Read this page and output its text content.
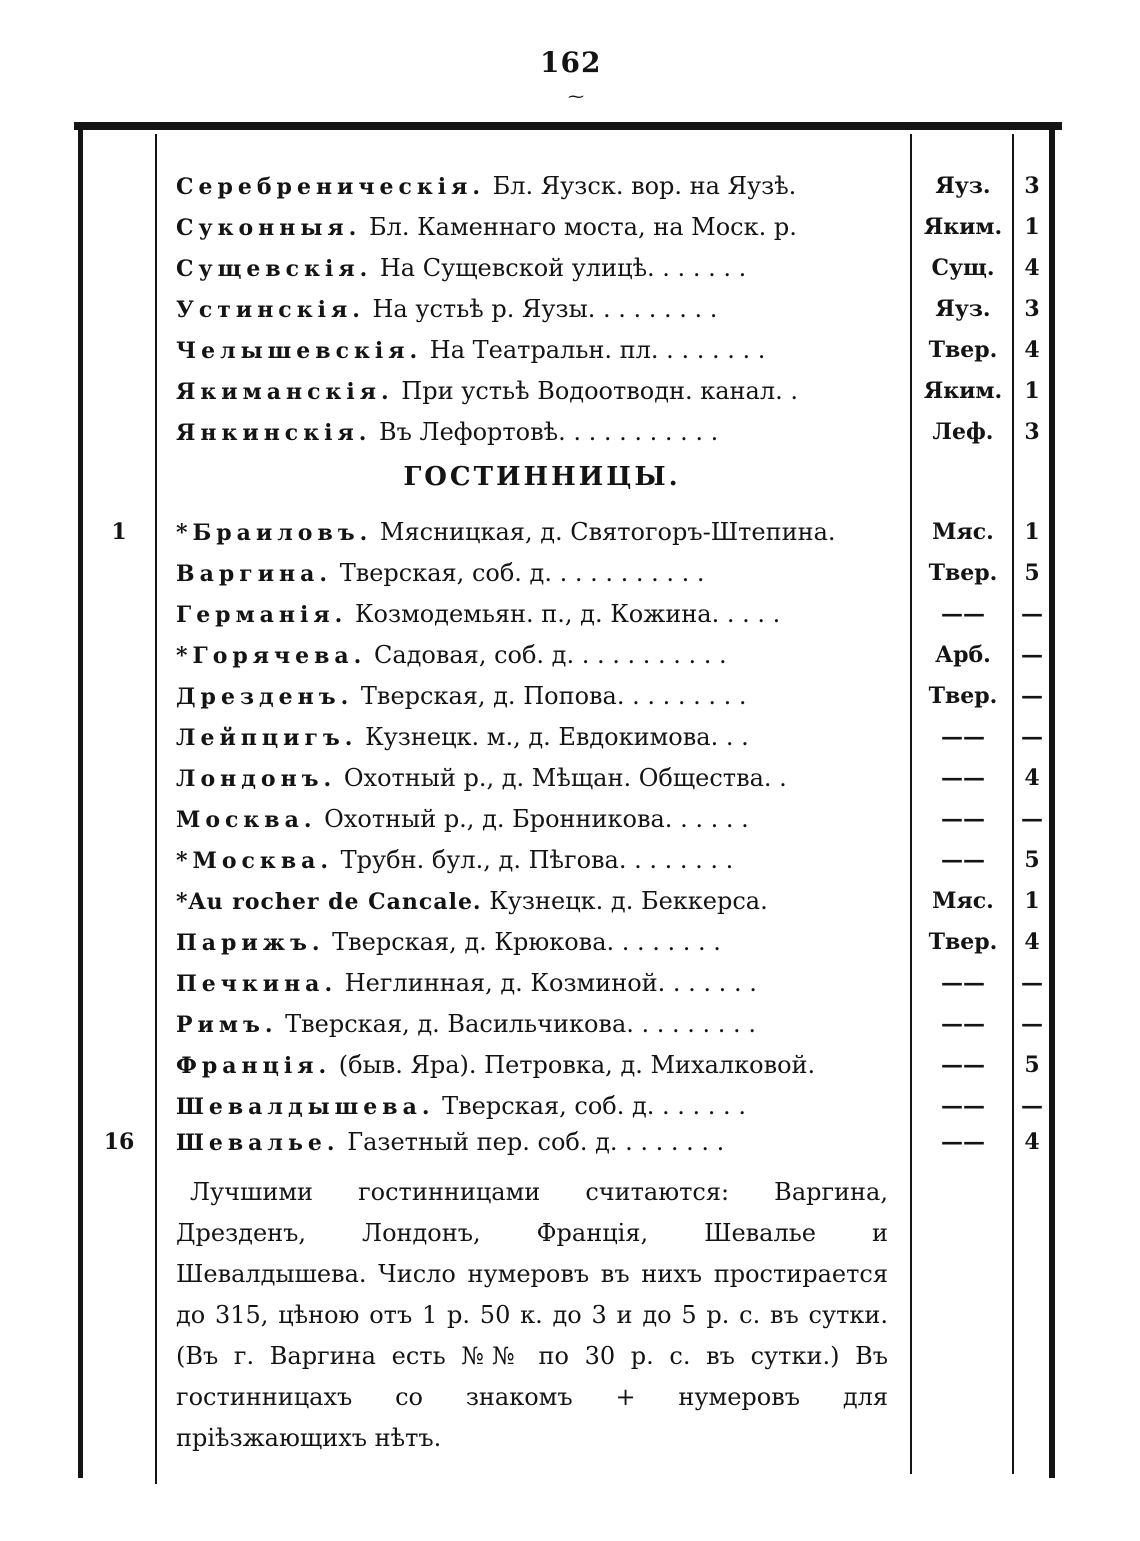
162
⁓
Серебреническія. Бл. Яузск. вор. на Яузѣ.	Яуз.	3
Суконныя. Бл. Каменнаго моста, на Моск. р.	Яким.	1
Сущевскія. На Сущевской улицѣ. . . . . . .	Сущ.	4
Устинскія. На устьѣ р. Яузы. . . . . . . . .	Яуз.	3
Челышевскія. На Театральн. пл. . . . . . . .	Твер.	4
Якиманскія. При устьѣ Водоотводн. канал. .	Яким.	1
Янкинскія. Въ Лефортовѣ. . . . . . . . . . .	Леф.	3
ГОСТИННИЦЫ.
1	*Браиловъ. Мясницкая, д. Святогоръ-Штепина.	Мяс.	1
Варгина. Тверская, соб. д. . . . . . . . . . .	Твер.	5
Германія. Козмодемьян. п., д. Кожина. . . . .	——	—
*Горячева. Садовая, соб. д. . . . . . . . . . .	Арб.	—
Дрезденъ. Тверская, д. Попова. . . . . . . . .	Твер.	—
Лейпцигъ. Кузнецк. м., д. Евдокимова. . .	——	—
Лондонъ. Охотный р., д. Мѣщан. Общества. .	——	4
Москва. Охотный р., д. Бронникова. . . . . .	——	—
*Москва. Трубн. бул., д. Пѣгова. . . . . . . .	——	5
*Au rocher de Cancale. Кузнецк. д. Беккерса.	Мяс.	1
Парижъ. Тверская, д. Крюкова. . . . . . . .	Твер.	4
Печкина. Неглинная, д. Козминой. . . . . . .	——	—
Римъ. Тверская, д. Васильчикова. . . . . . . . .	——	—
Франція. (быв. Яра). Петровка, д. Михалковой.	——	5
Шевалдышева. Тверская, соб. д. . . . . . .	——	—
16	Шевалье. Газетный пер. соб. д. . . . . . . .	——	4
Лучшими гостинницами считаются: Варгина, Дрезденъ, Лондонъ, Франція, Шевалье и Шевалдышева. Число нумеровъ въ нихъ простирается до 315, цѣною отъ 1 р. 50 к. до 3 и до 5 р. с. въ сутки. (Въ г. Варгина есть №№ по 30 р. с. въ сутки.) Въ гостинницахъ со знакомъ + нумеровъ для пріѣзжающихъ нѣтъ.
